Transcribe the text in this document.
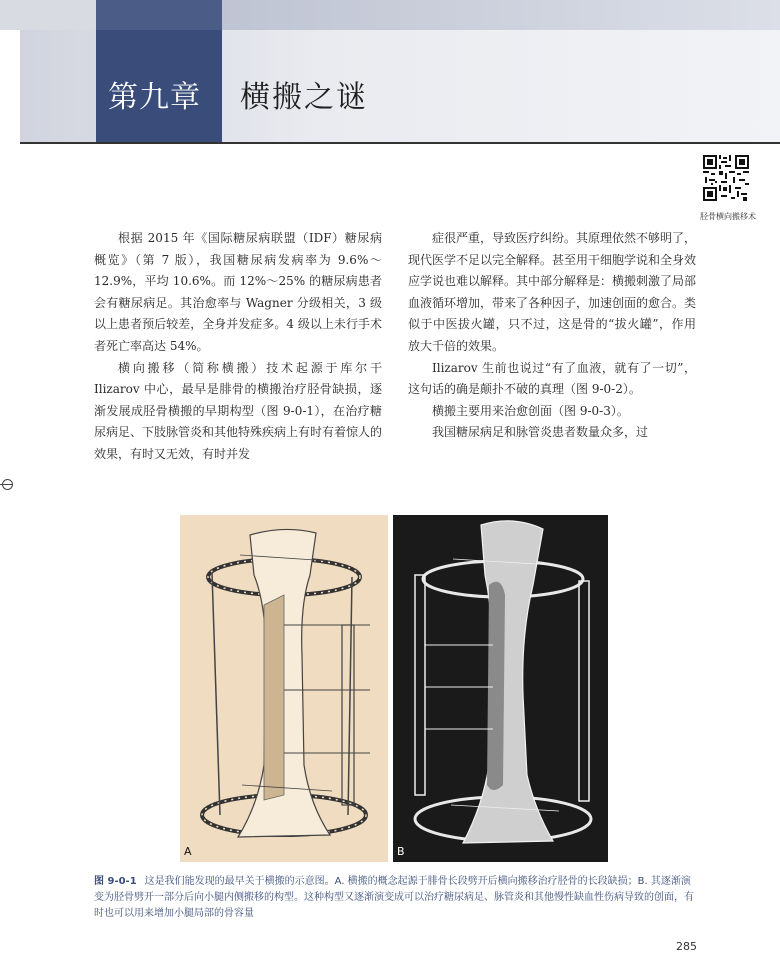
第九章 横搬之谜
胫骨横向搬移术

根据 2015 年《国际糖尿病联盟（IDF）糖尿病概览》（第 7 版），我国糖尿病发病率为 9.6%～12.9%，平均 10.6%。而 12%～25% 的糖尿病患者会有糖尿病足。其治愈率与 Wagner 分级相关，3 级以上患者预后较差，全身并发症多。4 级以上未行手术者死亡率高达 54%。

横向搬移（简称横搬）技术起源于库尔干 Ilizarov 中心，最早是腓骨的横搬治疗胫骨缺损，逐渐发展成胫骨横搬的早期构型（图 9-0-1），在治疗糖尿病足、下肢脉管炎和其他特殊疾病上有时有着惊人的效果，有时又无效，有时并发

症很严重，导致医疗纠纷。其原理依然不够明了，现代医学不足以完全解释。甚至用干细胞学说和全身效应学说也难以解释。其中部分解释是：横搬刺激了局部血液循环增加，带来了各种因子，加速创面的愈合。类似于中医拔火罐，只不过，这是骨的“拔火罐”，作用放大千倍的效果。

Ilizarov 生前也说过“有了血液，就有了一切”，这句话的确是颠扑不破的真理（图 9-0-2）。

横搬主要用来治愈创面（图 9-0-3）。

我国糖尿病足和脉管炎患者数量众多，过

A	B
图 9-0-1 这是我们能发现的最早关于横搬的示意图。A. 横搬的概念起源于腓骨长段劈开后横向搬移治疗胫骨的长段缺损；B. 其逐渐演变为胫骨劈开一部分后向小腿内侧搬移的构型。这种构型又逐渐演变成可以治疗糖尿病足、脉管炎和其他慢性缺血性伤病导致的创面，有时也可以用来增加小腿局部的骨容量
285
